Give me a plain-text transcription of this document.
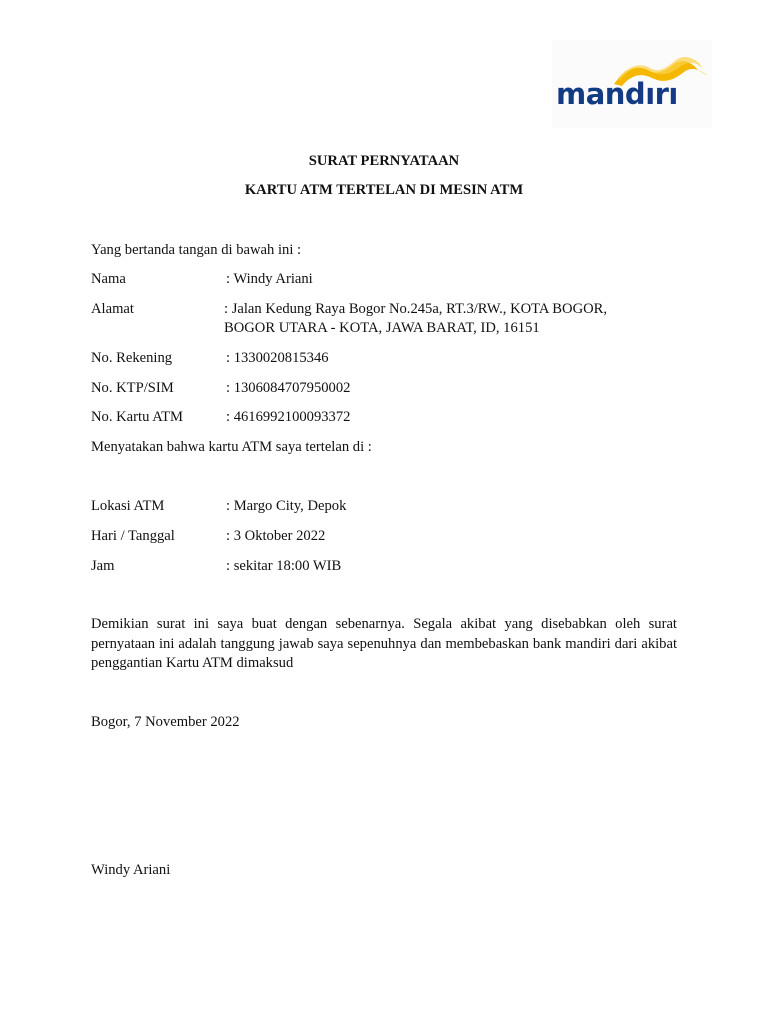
mandırı
SURAT PERNYATAAN
KARTU ATM TERTELAN DI MESIN ATM
Yang bertanda tangan di bawah ini :
Nama	: Windy Ariani
Alamat	: Jalan Kedung Raya Bogor No.245a, RT.3/RW., KOTA BOGOR, BOGOR UTARA - KOTA, JAWA BARAT, ID, 16151
No. Rekening	: 1330020815346
No. KTP/SIM	: 1306084707950002
No. Kartu ATM	: 4616992100093372
Menyatakan bahwa kartu ATM saya tertelan di :
Lokasi ATM	: Margo City, Depok
Hari / Tanggal	: 3 Oktober 2022
Jam	: sekitar 18:00 WIB
Demikian surat ini saya buat dengan sebenarnya. Segala akibat yang disebabkan oleh surat pernyataan ini adalah tanggung jawab saya sepenuhnya dan membebaskan bank mandiri dari akibat penggantian Kartu ATM dimaksud
Bogor, 7 November 2022
Windy Ariani
